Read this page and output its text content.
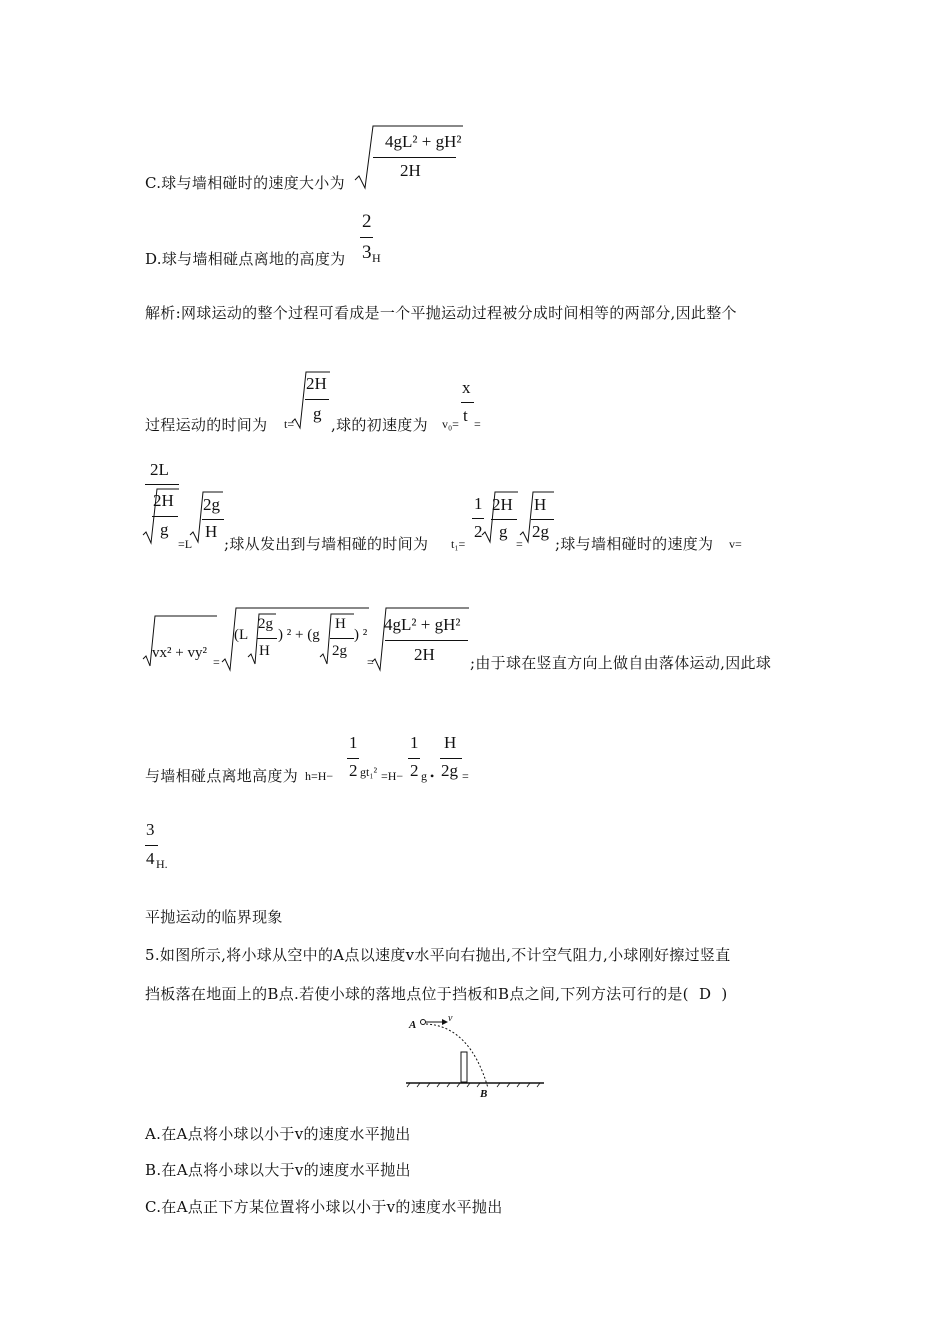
C.球与墙相碰时的速度大小为
4gL² + gH²
2H
D.球与墙相碰点离地的高度为
2
3 H
解析:网球运动的整个过程可看成是一个平抛运动过程被分成时间相等的两部分,因此整个
过程运动的时间为 t=
2H
g
,球的初速度为 v₀=
x
t =
2L
2H
g
=L
2g
H
;球从发出到与墙相碰的时间为 t₁=
1
2
2H
g
=
H
2g
;球与墙相碰时的速度为 v=
vx² + vy²
=
(L
2g
H
) ² + (g
H
2g
) ²
=
4gL² + gH²
2H ;由于球在竖直方向上做自由落体运动,因此球
与墙相碰点离地高度为 h=H−
1
2 gt₁² =H−
1
2 g •
H
2g =
3
4 H.
平抛运动的临界现象
5.如图所示,将小球从空中的A点以速度v水平向右抛出,不计空气阻力,小球刚好擦过竖直
挡板落在地面上的B点.若使小球的落地点位于挡板和B点之间,下列方法可行的是(  D  )
A
v
B
A.在A点将小球以小于v的速度水平抛出
B.在A点将小球以大于v的速度水平抛出
C.在A点正下方某位置将小球以小于v的速度水平抛出
